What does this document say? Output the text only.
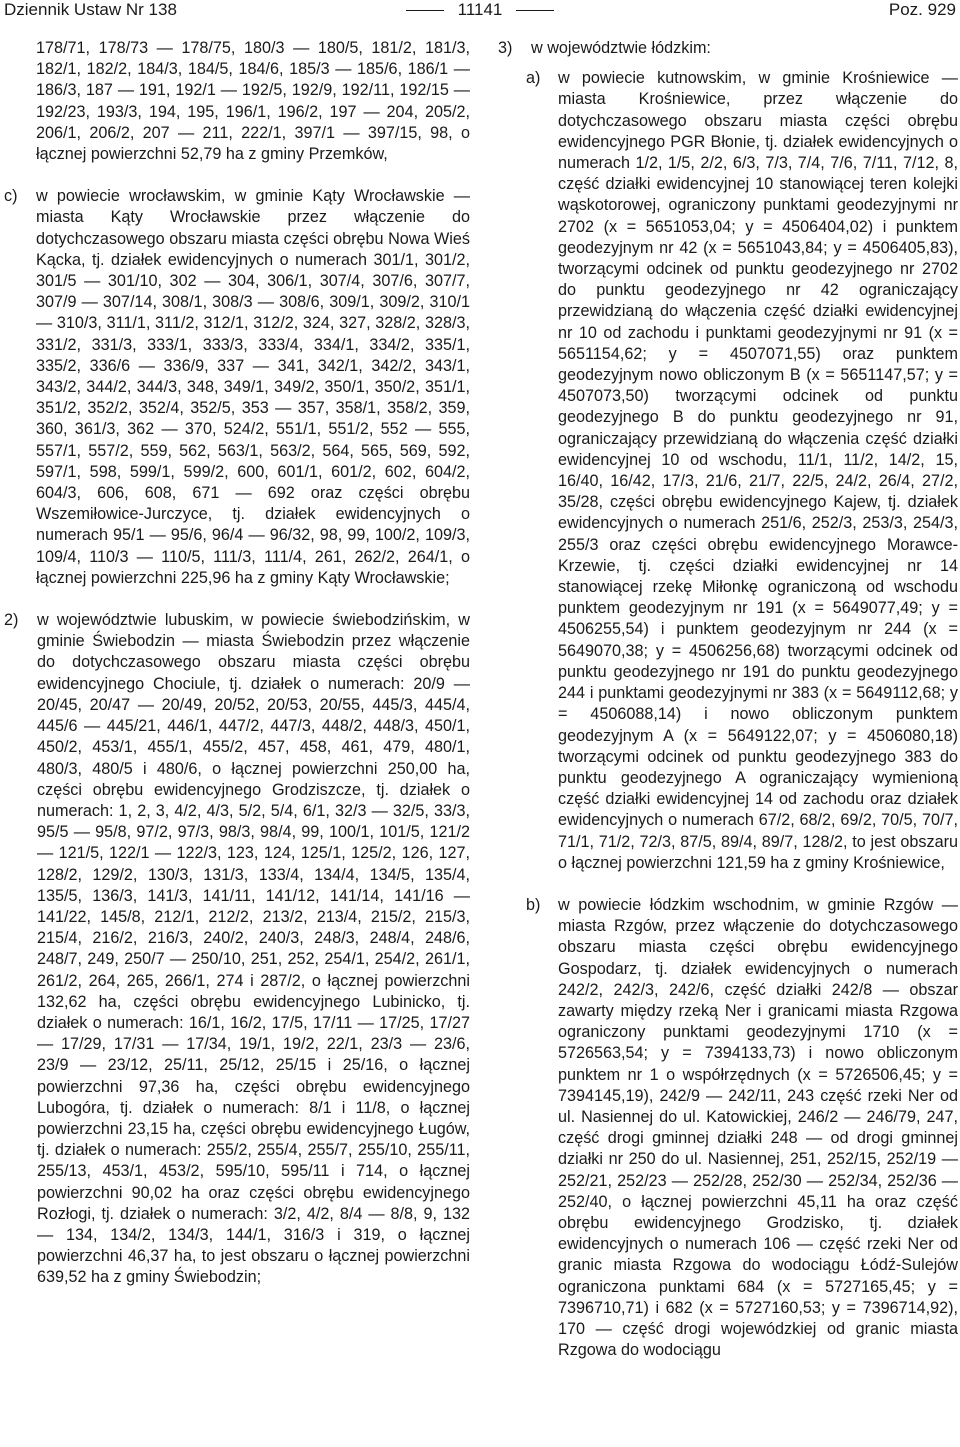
Dziennik Ustaw Nr 138	11141	Poz. 929
178/71, 178/73 — 178/75, 180/3 — 180/5, 181/2, 181/3, 182/1, 182/2, 184/3, 184/5, 184/6, 185/3 — 185/6, 186/1 — 186/3, 187 — 191, 192/1 — 192/5, 192/9, 192/11, 192/15 — 192/23, 193/3, 194, 195, 196/1, 196/2, 197 — 204, 205/2, 206/1, 206/2, 207 — 211, 222/1, 397/1 — 397/15, 98, o łącznej powierzchni 52,79 ha z gminy Przemków,
c)	w powiecie wrocławskim, w gminie Kąty Wrocławskie — miasta Kąty Wrocławskie przez włączenie do dotychczasowego obszaru miasta części obrębu Nowa Wieś Kącka, tj. działek ewidencyjnych o numerach 301/1, 301/2, 301/5 — 301/10, 302 — 304, 306/1, 307/4, 307/6, 307/7, 307/9 — 307/14, 308/1, 308/3 — 308/6, 309/1, 309/2, 310/1 — 310/3, 311/1, 311/2, 312/1, 312/2, 324, 327, 328/2, 328/3, 331/2, 331/3, 333/1, 333/3, 333/4, 334/1, 334/2, 335/1, 335/2, 336/6 — 336/9, 337 — 341, 342/1, 342/2, 343/1, 343/2, 344/2, 344/3, 348, 349/1, 349/2, 350/1, 350/2, 351/1, 351/2, 352/2, 352/4, 352/5, 353 — 357, 358/1, 358/2, 359, 360, 361/3, 362 — 370, 524/2, 551/1, 551/2, 552 — 555, 557/1, 557/2, 559, 562, 563/1, 563/2, 564, 565, 569, 592, 597/1, 598, 599/1, 599/2, 600, 601/1, 601/2, 602, 604/2, 604/3, 606, 608, 671 — 692 oraz części obrębu Wszemiłowice-Jurczyce, tj. działek ewidencyjnych o numerach 95/1 — 95/6, 96/4 — 96/32, 98, 99, 100/2, 109/3, 109/4, 110/3 — 110/5, 111/3, 111/4, 261, 262/2, 264/1, o łącznej powierzchni 225,96 ha z gminy Kąty Wrocławskie;
2)	w województwie lubuskim, w powiecie świebodzińskim, w gminie Świebodzin — miasta Świebodzin przez włączenie do dotychczasowego obszaru miasta części obrębu ewidencyjnego Chociule, tj. działek o numerach: 20/9 — 20/45, 20/47 — 20/49, 20/52, 20/53, 20/55, 445/3, 445/4, 445/6 — 445/21, 446/1, 447/2, 447/3, 448/2, 448/3, 450/1, 450/2, 453/1, 455/1, 455/2, 457, 458, 461, 479, 480/1, 480/3, 480/5 i 480/6, o łącznej powierzchni 250,00 ha, części obrębu ewidencyjnego Grodziszcze, tj. działek o numerach: 1, 2, 3, 4/2, 4/3, 5/2, 5/4, 6/1, 32/3 — 32/5, 33/3, 95/5 — 95/8, 97/2, 97/3, 98/3, 98/4, 99, 100/1, 101/5, 121/2 — 121/5, 122/1 — 122/3, 123, 124, 125/1, 125/2, 126, 127, 128/2, 129/2, 130/3, 131/3, 133/4, 134/4, 134/5, 135/4, 135/5, 136/3, 141/3, 141/11, 141/12, 141/14, 141/16 — 141/22, 145/8, 212/1, 212/2, 213/2, 213/4, 215/2, 215/3, 215/4, 216/2, 216/3, 240/2, 240/3, 248/3, 248/4, 248/6, 248/7, 249, 250/7 — 250/10, 251, 252, 254/1, 254/2, 261/1, 261/2, 264, 265, 266/1, 274 i 287/2, o łącznej powierzchni 132,62 ha, części obrębu ewidencyjnego Lubinicko, tj. działek o numerach: 16/1, 16/2, 17/5, 17/11 — 17/25, 17/27 — 17/29, 17/31 — 17/34, 19/1, 19/2, 22/1, 23/3 — 23/6, 23/9 — 23/12, 25/11, 25/12, 25/15 i 25/16, o łącznej powierzchni 97,36 ha, części obrębu ewidencyjnego Lubogóra, tj. działek o numerach: 8/1 i 11/8, o łącznej powierzchni 23,15 ha, części obrębu ewidencyjnego Ługów, tj. działek o numerach: 255/2, 255/4, 255/7, 255/10, 255/11, 255/13, 453/1, 453/2, 595/10, 595/11 i 714, o łącznej powierzchni 90,02 ha oraz części obrębu ewidencyjnego Rozłogi, tj. działek o numerach: 3/2, 4/2, 8/4 — 8/8, 9, 132 — 134, 134/2, 134/3, 144/1, 316/3 i 319, o łącznej powierzchni 46,37 ha, to jest obszaru o łącznej powierzchni 639,52 ha z gminy Świebodzin;
3)	w województwie łódzkim:
a)	w powiecie kutnowskim, w gminie Krośniewice — miasta Krośniewice, przez włączenie do dotychczasowego obszaru miasta części obrębu ewidencyjnego PGR Błonie, tj. działek ewidencyjnych o numerach 1/2, 1/5, 2/2, 6/3, 7/3, 7/4, 7/6, 7/11, 7/12, 8, część działki ewidencyjnej 10 stanowiącej teren kolejki wąskotorowej, ograniczony punktami geodezyjnymi nr 2702 (x = 5651053,04; y = 4506404,02) i punktem geodezyjnym nr 42 (x = 5651043,84; y = 4506405,83), tworzącymi odcinek od punktu geodezyjnego nr 2702 do punktu geodezyjnego nr 42 ograniczający przewidzianą do włączenia część działki ewidencyjnej nr 10 od zachodu i punktami geodezyjnymi nr 91 (x = 5651154,62; y = 4507071,55) oraz punktem geodezyjnym nowo obliczonym B (x = 5651147,57; y = 4507073,50) tworzącymi odcinek od punktu geodezyjnego B do punktu geodezyjnego nr 91, ograniczający przewidzianą do włączenia część działki ewidencyjnej 10 od wschodu, 11/1, 11/2, 14/2, 15, 16/40, 16/42, 17/3, 21/6, 21/7, 22/5, 24/2, 26/4, 27/2, 35/28, części obrębu ewidencyjnego Kajew, tj. działek ewidencyjnych o numerach 251/6, 252/3, 253/3, 254/3, 255/3 oraz części obrębu ewidencyjnego Morawce-Krzewie, tj. części działki ewidencyjnej nr 14 stanowiącej rzekę Miłonkę ograniczoną od wschodu punktem geodezyjnym nr 191 (x = 5649077,49; y = 4506255,54) i punktem geodezyjnym nr 244 (x = 5649070,38; y = 4506256,68) tworzącymi odcinek od punktu geodezyjnego nr 191 do punktu geodezyjnego 244 i punktami geodezyjnymi nr 383 (x = 5649112,68; y = 4506088,14) i nowo obliczonym punktem geodezyjnym A (x = 5649122,07; y = 4506080,18) tworzącymi odcinek od punktu geodezyjnego 383 do punktu geodezyjnego A ograniczający wymienioną część działki ewidencyjnej 14 od zachodu oraz działek ewidencyjnych o numerach 67/2, 68/2, 69/2, 70/5, 70/7, 71/1, 71/2, 72/3, 87/5, 89/4, 89/7, 128/2, to jest obszaru o łącznej powierzchni 121,59 ha z gminy Krośniewice,
b)	w powiecie łódzkim wschodnim, w gminie Rzgów — miasta Rzgów, przez włączenie do dotychczasowego obszaru miasta części obrębu ewidencyjnego Gospodarz, tj. działek ewidencyjnych o numerach 242/2, 242/3, 242/6, część działki 242/8 — obszar zawarty między rzeką Ner i granicami miasta Rzgowa ograniczony punktami geodezyjnymi 1710 (x = 5726563,54; y = 7394133,73) i nowo obliczonym punktem nr 1 o współrzędnych (x = 5726506,45; y = 7394145,19), 242/9 — 242/11, 243 część rzeki Ner od ul. Nasiennej do ul. Katowickiej, 246/2 — 246/79, 247, część drogi gminnej działki 248 — od drogi gminnej działki nr 250 do ul. Nasiennej, 251, 252/15, 252/19 — 252/21, 252/23 — 252/28, 252/30 — 252/34, 252/36 — 252/40, o łącznej powierzchni 45,11 ha oraz część obrębu ewidencyjnego Grodzisko, tj. działek ewidencyjnych o numerach 106 — część rzeki Ner od granic miasta Rzgowa do wodociągu Łódź-Sulejów ograniczona punktami 684 (x = 5727165,45; y = 7396710,71) i 682 (x = 5727160,53; y = 7396714,92), 170 — część drogi wojewódzkiej od granic miasta Rzgowa do wodociągu
